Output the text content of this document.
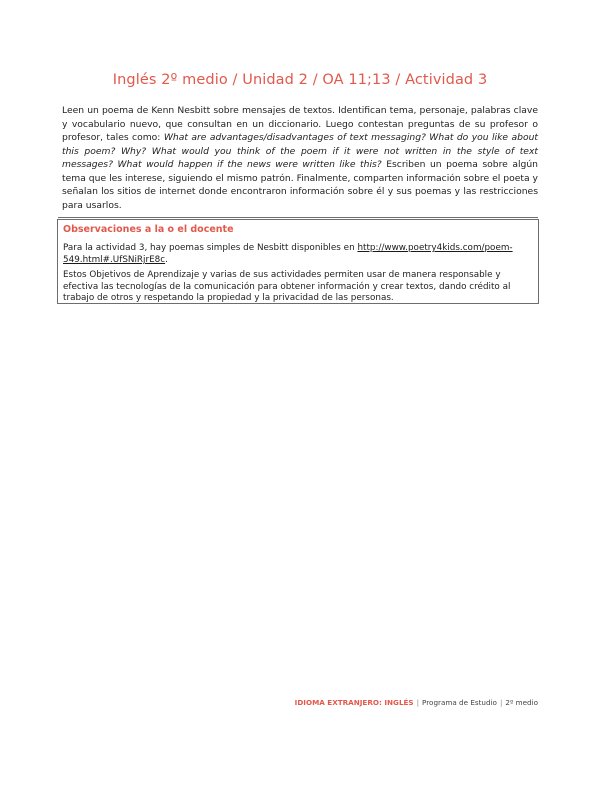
Inglés 2º medio / Unidad 2 / OA 11;13 / Actividad 3
Leen un poema de Kenn Nesbitt sobre mensajes de textos. Identifican tema, personaje, palabras clave y vocabulario nuevo, que consultan en un diccionario. Luego contestan preguntas de su profesor o profesor, tales como: What are advantages/disadvantages of text messaging? What do you like about this poem? Why? What would you think of the poem if it were not written in the style of text messages? What would happen if the news were written like this? Escriben un poema sobre algún tema que les interese, siguiendo el mismo patrón. Finalmente, comparten información sobre el poeta y señalan los sitios de internet donde encontraron información sobre él y sus poemas y las restricciones para usarlos.
Observaciones a la o el docente
Para la actividad 3, hay poemas simples de Nesbitt disponibles en http://www.poetry4kids.com/poem-549.html#.UfSNiRjrE8c.
Estos Objetivos de Aprendizaje y varias de sus actividades permiten usar de manera responsable y efectiva las tecnologías de la comunicación para obtener información y crear textos, dando crédito al trabajo de otros y respetando la propiedad y la privacidad de las personas.
IDIOMA EXTRANJERO: INGLÉS | Programa de Estudio | 2º medio
